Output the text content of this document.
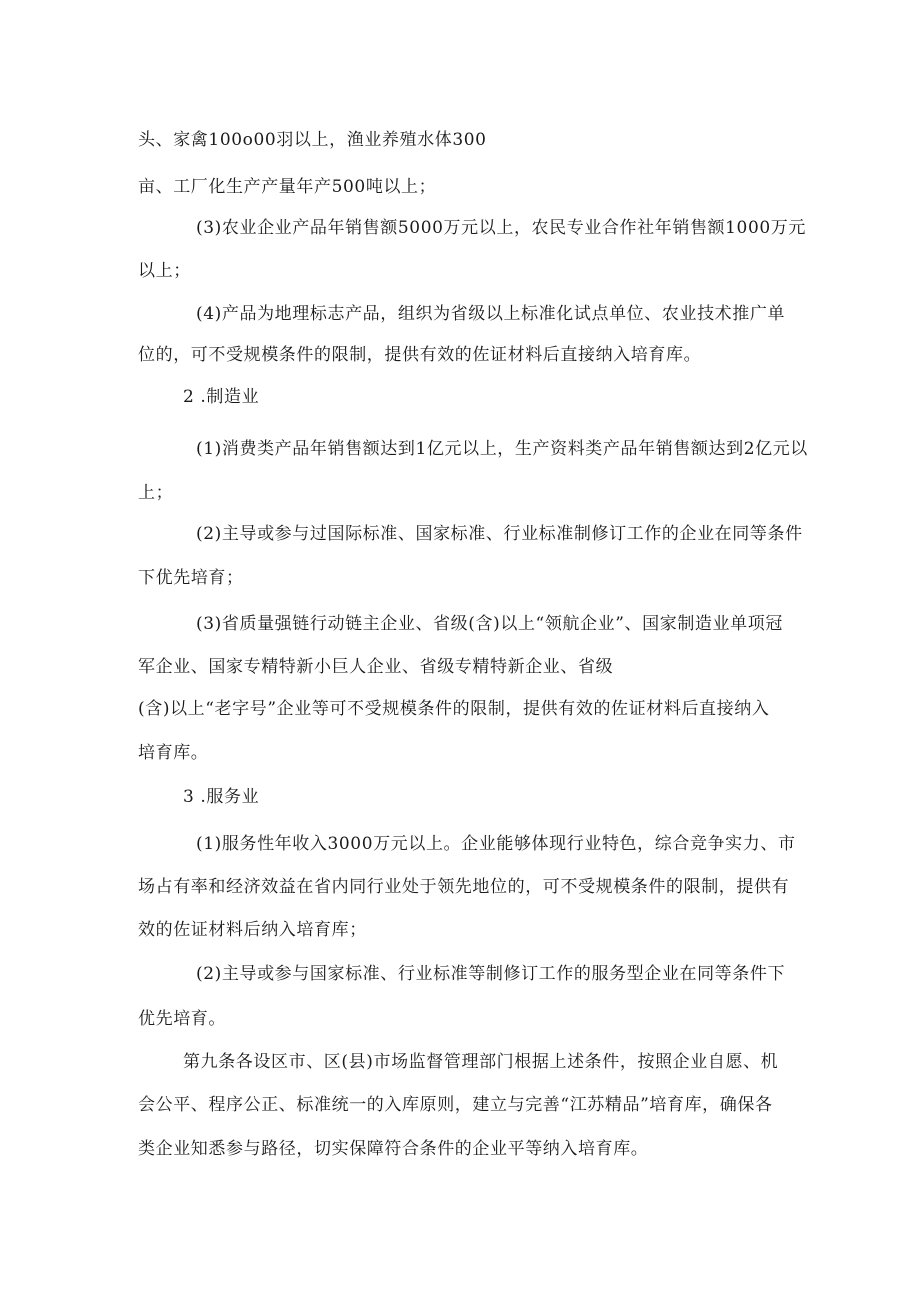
头、家禽100o00羽以上，渔业养殖水体300
亩、工厂化生产产量年产500吨以上；
(3)农业企业产品年销售额5000万元以上，农民专业合作社年销售额1000万元
以上；
(4)产品为地理标志产品，组织为省级以上标准化试点单位、农业技术推广单
位的，可不受规模条件的限制，提供有效的佐证材料后直接纳入培育库。
2 .制造业
(1)消费类产品年销售额达到1亿元以上，生产资料类产品年销售额达到2亿元以
上；
(2)主导或参与过国际标准、国家标准、行业标准制修订工作的企业在同等条件
下优先培育；
(3)省质量强链行动链主企业、省级(含)以上“领航企业”、国家制造业单项冠
军企业、国家专精特新小巨人企业、省级专精特新企业、省级
(含)以上“老字号”企业等可不受规模条件的限制，提供有效的佐证材料后直接纳入
培育库。
3 .服务业
(1)服务性年收入3000万元以上。企业能够体现行业特色，综合竞争实力、市
场占有率和经济效益在省内同行业处于领先地位的，可不受规模条件的限制，提供有
效的佐证材料后纳入培育库；
(2)主导或参与国家标准、行业标准等制修订工作的服务型企业在同等条件下
优先培育。
第九条各设区市、区(县)市场监督管理部门根据上述条件，按照企业自愿、机
会公平、程序公正、标准统一的入库原则，建立与完善“江苏精品”培育库，确保各
类企业知悉参与路径，切实保障符合条件的企业平等纳入培育库。
